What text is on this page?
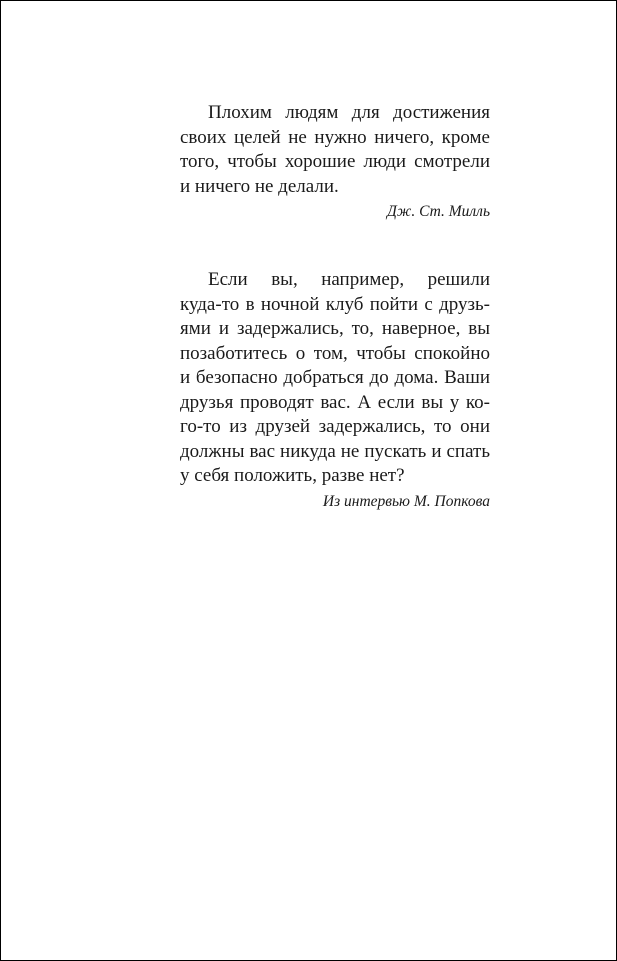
Плохим людям для достижения
своих целей не нужно ничего, кроме
того, чтобы хорошие люди смотрели
и ничего не делали.
Дж. Ст. Милль
Если вы, например, решили
куда-то в ночной клуб пойти с друзь-
ями и задержались, то, наверное, вы
позаботитесь о том, чтобы спокойно
и безопасно добраться до дома. Ваши
друзья проводят вас. А если вы у ко-
го-то из друзей задержались, то они
должны вас никуда не пускать и спать
у себя положить, разве нет?
Из интервью М. Попкова
